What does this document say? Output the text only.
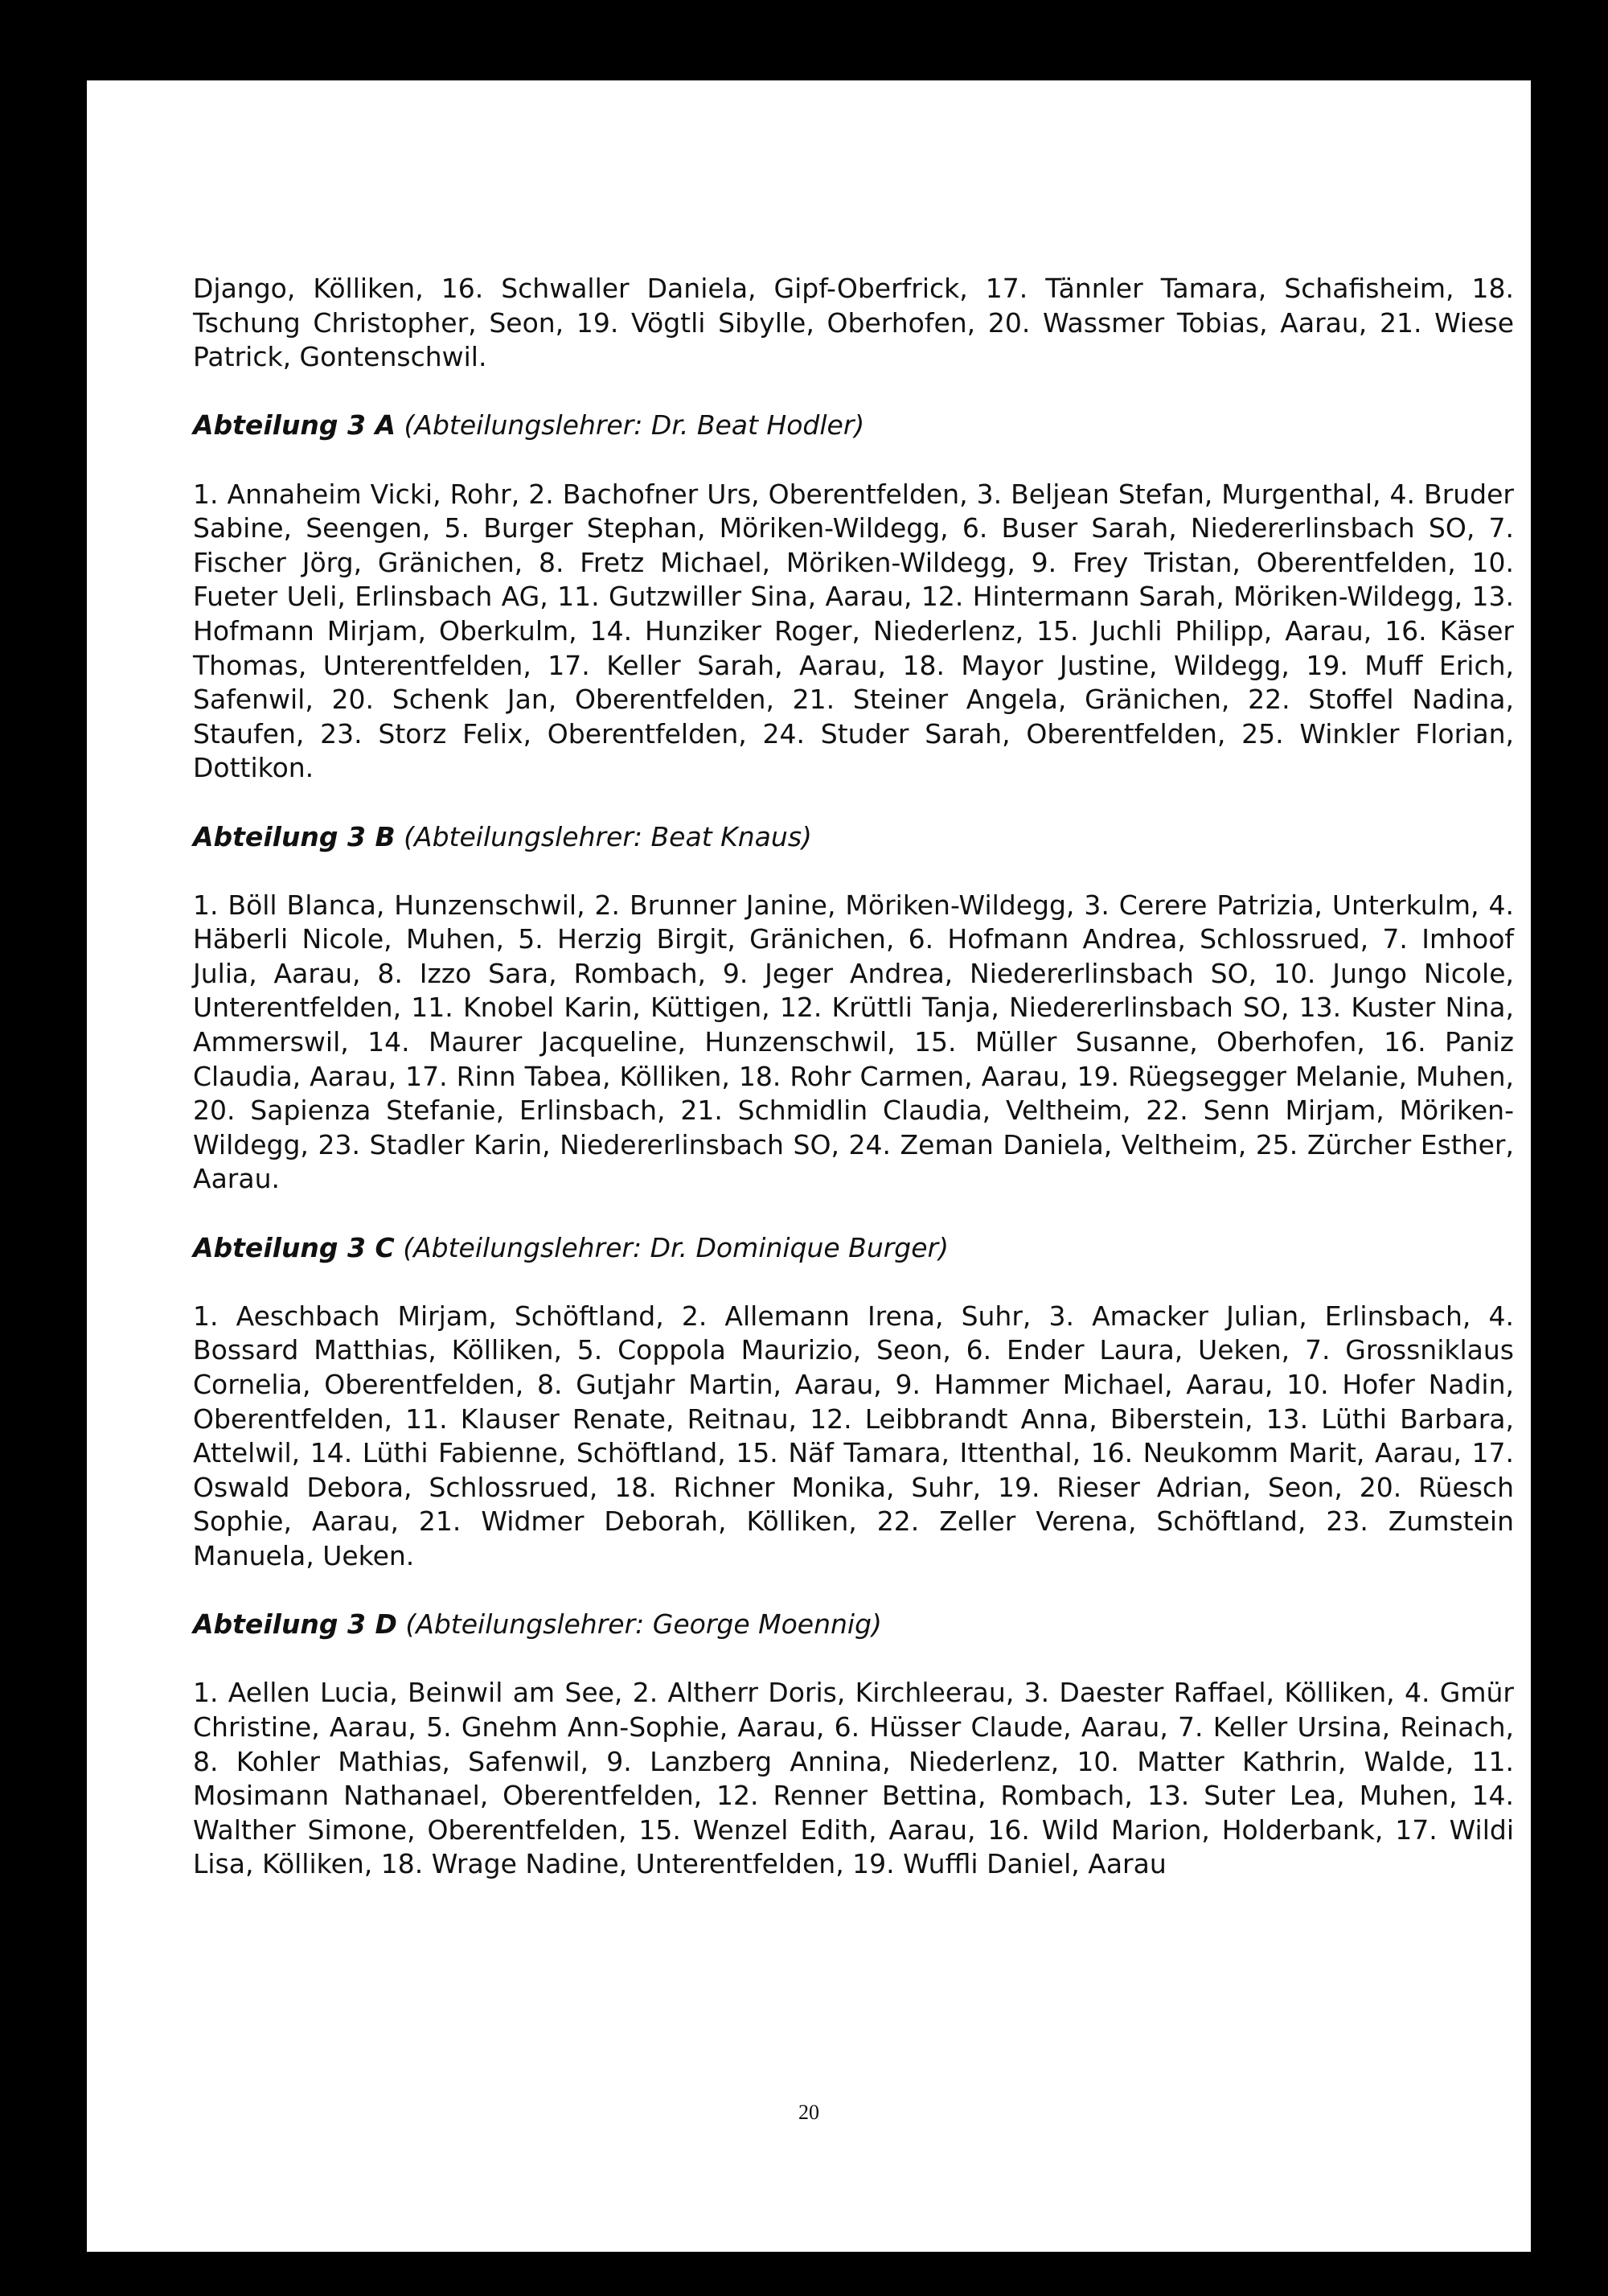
Django, Kölliken, 16. Schwaller Daniela, Gipf-Oberfrick, 17. Tännler Tamara, Schafisheim, 18. Tschung Christopher, Seon, 19. Vögtli Sibylle, Oberhofen, 20. Wassmer Tobias, Aarau, 21. Wiese Patrick, Gontenschwil.

Abteilung 3 A (Abteilungslehrer: Dr. Beat Hodler)

1. Annaheim Vicki, Rohr, 2. Bachofner Urs, Oberentfelden, 3. Beljean Stefan, Murgenthal, 4. Bruder Sabine, Seengen, 5. Burger Stephan, Möriken-Wildegg, 6. Buser Sarah, Niedererlinsbach SO, 7. Fischer Jörg, Gränichen, 8. Fretz Michael, Möriken-Wildegg, 9. Frey Tristan, Oberentfelden, 10. Fueter Ueli, Erlinsbach AG, 11. Gutzwiller Sina, Aarau, 12. Hintermann Sarah, Möriken-Wildegg, 13. Hofmann Mirjam, Oberkulm, 14. Hunziker Roger, Niederlenz, 15. Juchli Philipp, Aarau, 16. Käser Thomas, Unterentfelden, 17. Keller Sarah, Aarau, 18. Mayor Justine, Wildegg, 19. Muff Erich, Safenwil, 20. Schenk Jan, Oberentfelden, 21. Steiner Angela, Gränichen, 22. Stoffel Nadina, Staufen, 23. Storz Felix, Oberentfelden, 24. Studer Sarah, Oberentfelden, 25. Winkler Florian, Dottikon.

Abteilung 3 B (Abteilungslehrer: Beat Knaus)

1. Böll Blanca, Hunzenschwil, 2. Brunner Janine, Möriken-Wildegg, 3. Cerere Patrizia, Unterkulm, 4. Häberli Nicole, Muhen, 5. Herzig Birgit, Gränichen, 6. Hofmann Andrea, Schlossrued, 7. Imhoof Julia, Aarau, 8. Izzo Sara, Rombach, 9. Jeger Andrea, Niedererlinsbach SO, 10. Jungo Nicole, Unterentfelden, 11. Knobel Karin, Küttigen, 12. Krüttli Tanja, Niedererlinsbach SO, 13. Kuster Nina, Ammerswil, 14. Maurer Jacqueline, Hunzenschwil, 15. Müller Susanne, Oberhofen, 16. Paniz Claudia, Aarau, 17. Rinn Tabea, Kölliken, 18. Rohr Carmen, Aarau, 19. Rüegsegger Melanie, Muhen, 20. Sapienza Stefanie, Erlinsbach, 21. Schmidlin Claudia, Veltheim, 22. Senn Mirjam, Möriken-Wildegg, 23. Stadler Karin, Niedererlinsbach SO, 24. Zeman Daniela, Veltheim, 25. Zürcher Esther, Aarau.

Abteilung 3 C (Abteilungslehrer: Dr. Dominique Burger)

1. Aeschbach Mirjam, Schöftland, 2. Allemann Irena, Suhr, 3. Amacker Julian, Erlinsbach, 4. Bossard Matthias, Kölliken, 5. Coppola Maurizio, Seon, 6. Ender Laura, Ueken, 7. Grossniklaus Cornelia, Oberentfelden, 8. Gutjahr Martin, Aarau, 9. Hammer Michael, Aarau, 10. Hofer Nadin, Oberentfelden, 11. Klauser Renate, Reitnau, 12. Leibbrandt Anna, Biberstein, 13. Lüthi Barbara, Attelwil, 14. Lüthi Fabienne, Schöftland, 15. Näf Tamara, Ittenthal, 16. Neukomm Marit, Aarau, 17. Oswald Debora, Schlossrued, 18. Richner Monika, Suhr, 19. Rieser Adrian, Seon, 20. Rüesch Sophie, Aarau, 21. Widmer Deborah, Kölliken, 22. Zeller Verena, Schöftland, 23. Zumstein Manuela, Ueken.

Abteilung 3 D (Abteilungslehrer: George Moennig)

1. Aellen Lucia, Beinwil am See, 2. Altherr Doris, Kirchleerau, 3. Daester Raffael, Kölliken, 4. Gmür Christine, Aarau, 5. Gnehm Ann-Sophie, Aarau, 6. Hüsser Claude, Aarau, 7. Keller Ursina, Reinach, 8. Kohler Mathias, Safenwil, 9. Lanzberg Annina, Niederlenz, 10. Matter Kathrin, Walde, 11. Mosimann Nathanael, Oberentfelden, 12. Renner Bettina, Rombach, 13. Suter Lea, Muhen, 14. Walther Simone, Oberentfelden, 15. Wenzel Edith, Aarau, 16. Wild Marion, Holderbank, 17. Wildi Lisa, Kölliken, 18. Wrage Nadine, Unterentfelden, 19. Wuffli Daniel, Aarau

20
